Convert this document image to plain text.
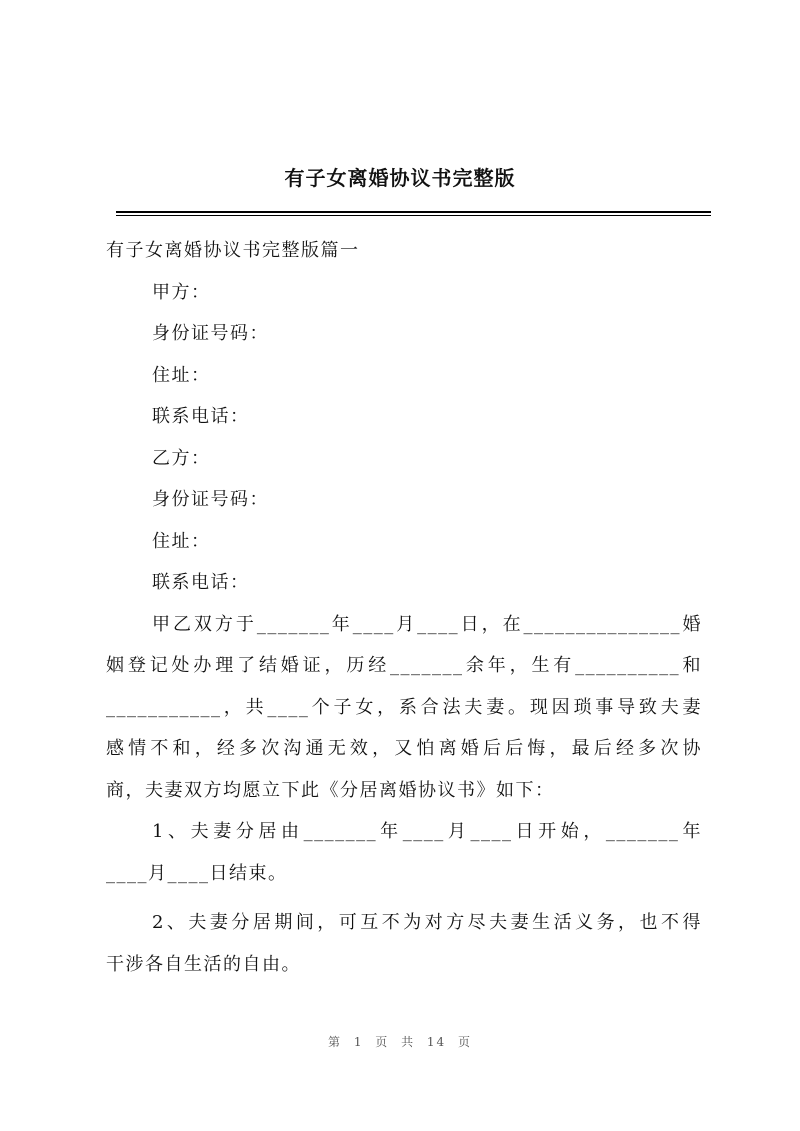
有子女离婚协议书完整版
有子女离婚协议书完整版篇一
甲方：
身份证号码：
住址：
联系电话：
乙方：
身份证号码：
住址：
联系电话：
甲乙双方于_______年____月____日，在_______________婚
姻登记处办理了结婚证，历经_______余年，生有__________和
___________，共____个子女，系合法夫妻。现因琐事导致夫妻
感情不和，经多次沟通无效，又怕离婚后后悔，最后经多次协
商，夫妻双方均愿立下此《分居离婚协议书》如下：
1、夫妻分居由_______年____月____日开始，_______年
____月____日结束。
2、夫妻分居期间，可互不为对方尽夫妻生活义务，也不得
干涉各自生活的自由。
第 1 页 共 14 页
